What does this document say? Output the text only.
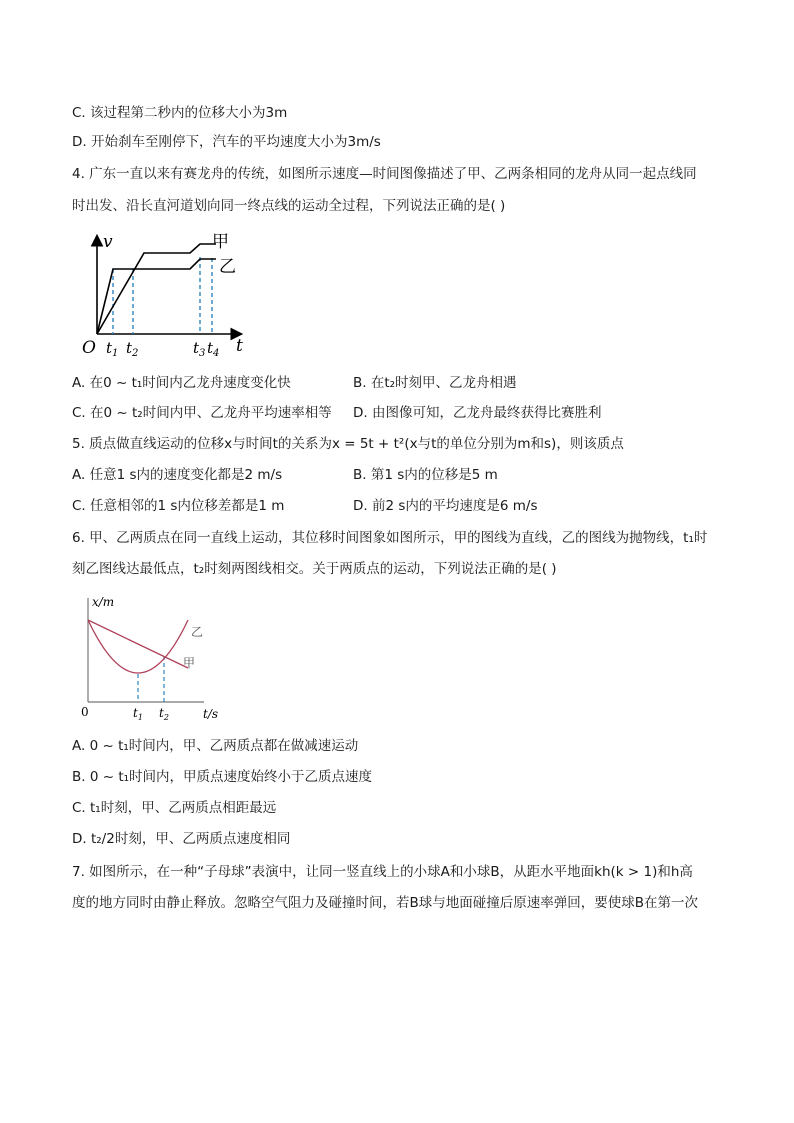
C. 该过程第二秒内的位移大小为3m
D. 开始刹车至刚停下，汽车的平均速度大小为3m/s
4. 广东一直以来有赛龙舟的传统，如图所示速度—时间图像描述了甲、乙两条相同的龙舟从同一起点线同
时出发、沿长直河道划向同一终点线的运动全过程，下列说法正确的是( )
v
t
O $t_1$ $t_2$	$t_3$ $t_4$
甲
乙
A. 在0 ~ t₁时间内乙龙舟速度变化快	B. 在t₂时刻甲、乙龙舟相遇
C. 在0 ~ t₂时间内甲、乙龙舟平均速率相等 D. 由图像可知，乙龙舟最终获得比赛胜利
5. 质点做直线运动的位移x与时间t的关系为x = 5t + t²(x与t的单位分别为m和s)，则该质点
A. 任意1 s内的速度变化都是2 m/s	B. 第1 s内的位移是5 m
C. 任意相邻的1 s内位移差都是1 m	D. 前2 s内的平均速度是6 m/s
6. 甲、乙两质点在同一直线上运动，其位移时间图象如图所示，甲的图线为直线，乙的图线为抛物线，t₁时
刻乙图线达最低点，t₂时刻两图线相交。关于两质点的运动，下列说法正确的是( )
x/m
t/s
0	$t_1$ $t_2$
乙
甲
A. 0 ~ t₁时间内，甲、乙两质点都在做减速运动
B. 0 ~ t₁时间内，甲质点速度始终小于乙质点速度
C. t₁时刻，甲、乙两质点相距最远
D. t₂/2时刻，甲、乙两质点速度相同
7. 如图所示，在一种“子母球”表演中，让同一竖直线上的小球A和小球B，从距水平地面kh(k > 1)和h高
度的地方同时由静止释放。忽略空气阻力及碰撞时间，若B球与地面碰撞后原速率弹回，要使球B在第一次
